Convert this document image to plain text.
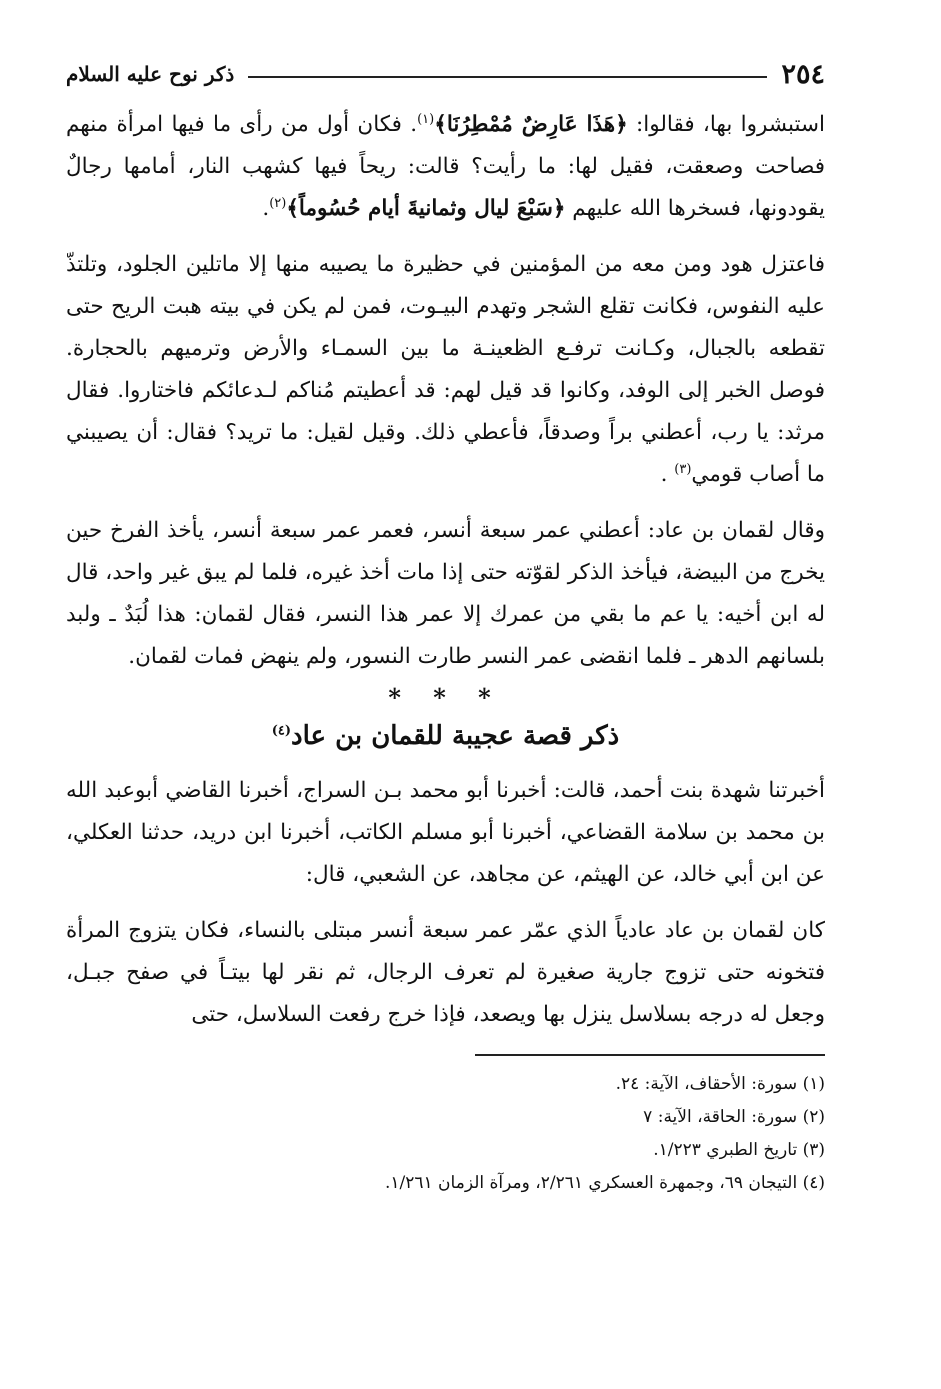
٢٥٤
ذكر نوح عليه السلام

استبشروا بها، فقالوا: ﴿هَذَا عَارِضٌ مُمْطِرُنَا﴾$^{(١)}$. فكان أول من رأى ما فيها امرأة منهم فصاحت وصعقت، فقيل لها: ما رأيت؟ قالت: ريحاً فيها كشهب النار، أمامها رجالٌ يقودونها، فسخرها الله عليهم ﴿سَبْعَ ليال وثمانيةَ أيام حُسُوماً﴾$^{(٢)}$.

فاعتزل هود ومن معه من المؤمنين في حظيرة ما يصيبه منها إلا ماتلين الجلود، وتلتذّ عليه النفوس، فكانت تقلع الشجر وتهدم البيـوت، فمن لم يكن في بيته هبت الريح حتى تقطعه بالجبال، وكـانت ترفـع الظعينـة ما بين السمـاء والأرض وترميهم بالحجارة. فوصل الخبر إلى الوفد، وكانوا قد قيل لهم: قد أعطيتم مُناكم لـدعائكم فاختاروا. فقال مرثد: يا رب، أعطني براً وصدقاً، فأعطي ذلك. وقيل لقيل: ما تريد؟ فقال: أن يصيبني ما أصاب قومي$^{(٣)}$ .

وقال لقمان بن عاد: أعطني عمر سبعة أنسر، فعمر عمر سبعة أنسر، يأخذ الفرخ حين يخرج من البيضة، فيأخذ الذكر لقوّته حتى إذا مات أخذ غيره، فلما لم يبق غير واحد، قال له ابن أخيه: يا عم ما بقي من عمرك إلا عمر هذا النسر، فقال لقمان: هذا لُبَدٌ ـ ولبد بلسانهم الدهر ـ فلما انقضى عمر النسر طارت النسور، ولم ينهض فمات لقمان.

* * *
ذكر قصة عجيبة للقمان بن عاد$^{(٤)}$

أخبرتنا شهدة بنت أحمد، قالت: أخبرنا أبو محمد بـن السراج، أخبرنا القاضي أبوعبد الله بن محمد بن سلامة القضاعي، أخبرنا أبو مسلم الكاتب، أخبرنا ابن دريد، حدثنا العكلي، عن ابن أبي خالد، عن الهيثم، عن مجاهد، عن الشعبي، قال:

كان لقمان بن عاد عادياً الذي عمّر عمر سبعة أنسر مبتلى بالنساء، فكان يتزوج المرأة فتخونه حتى تزوج جارية صغيرة لم تعرف الرجال، ثم نقر لها بيتـاً في صفح جبـل، وجعل له درجه بسلاسل ينزل بها ويصعد، فإذا خرج رفعت السلاسل، حتى

(١) سورة: الأحقاف، الآية: ٢٤.

(٢) سورة: الحاقة، الآية: ٧

(٣) تاريخ الطبري ١/٢٢٣.

(٤) التيجان ٦٩، وجمهرة العسكري ٢/٢٦١، ومرآة الزمان ١/٢٦١.
